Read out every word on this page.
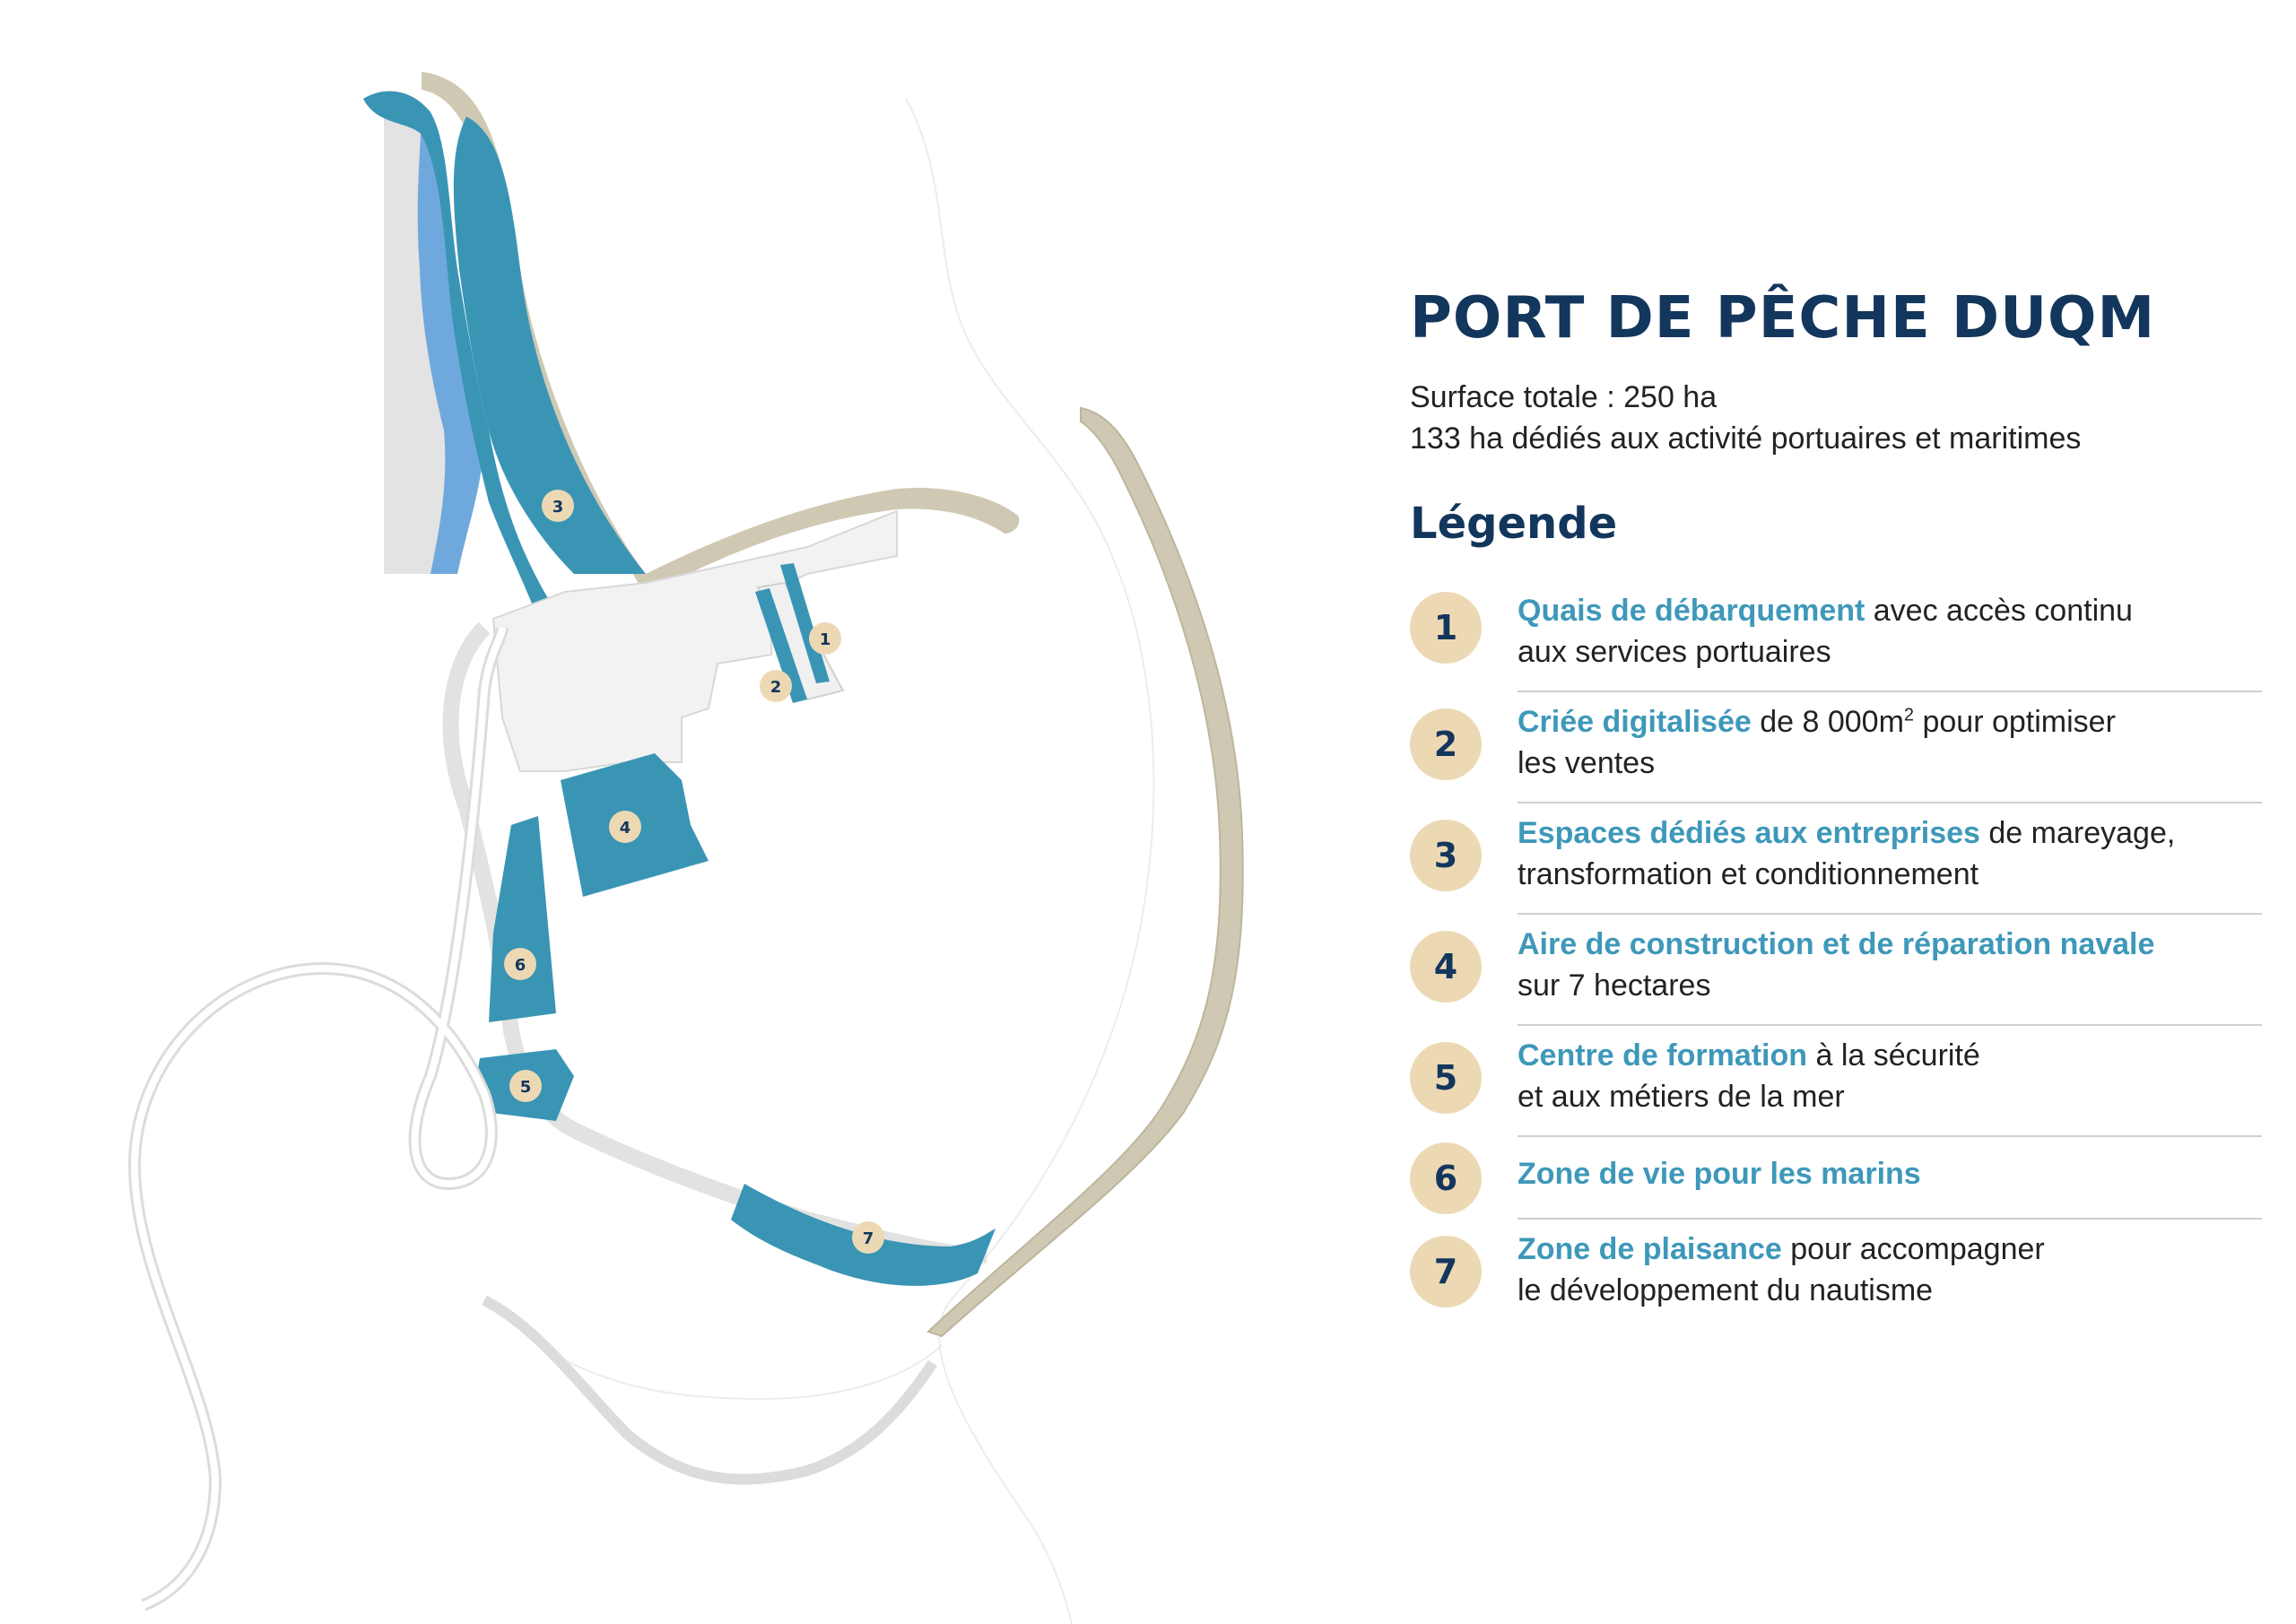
1
2
3
4
5
6
7
PORT DE PÊCHE DUQM
Surface totale : 250 ha
133 ha dédiés aux activité portuaires et maritimes
Légende
1	Quais de débarquement avec accès continu
aux services portuaires
2
Criée digitalisée de 8 $000m^2$ pour optimiser
les ventes
3
Espaces dédiés aux entreprises de mareyage,
transformation et conditionnement
4
Aire de construction et de réparation navale
sur 7 hectares
5
Centre de formation à la sécurité
et aux métiers de la mer
6	Zone de vie pour les marins
7
Zone de plaisance pour accompagner
le développement du nautisme
